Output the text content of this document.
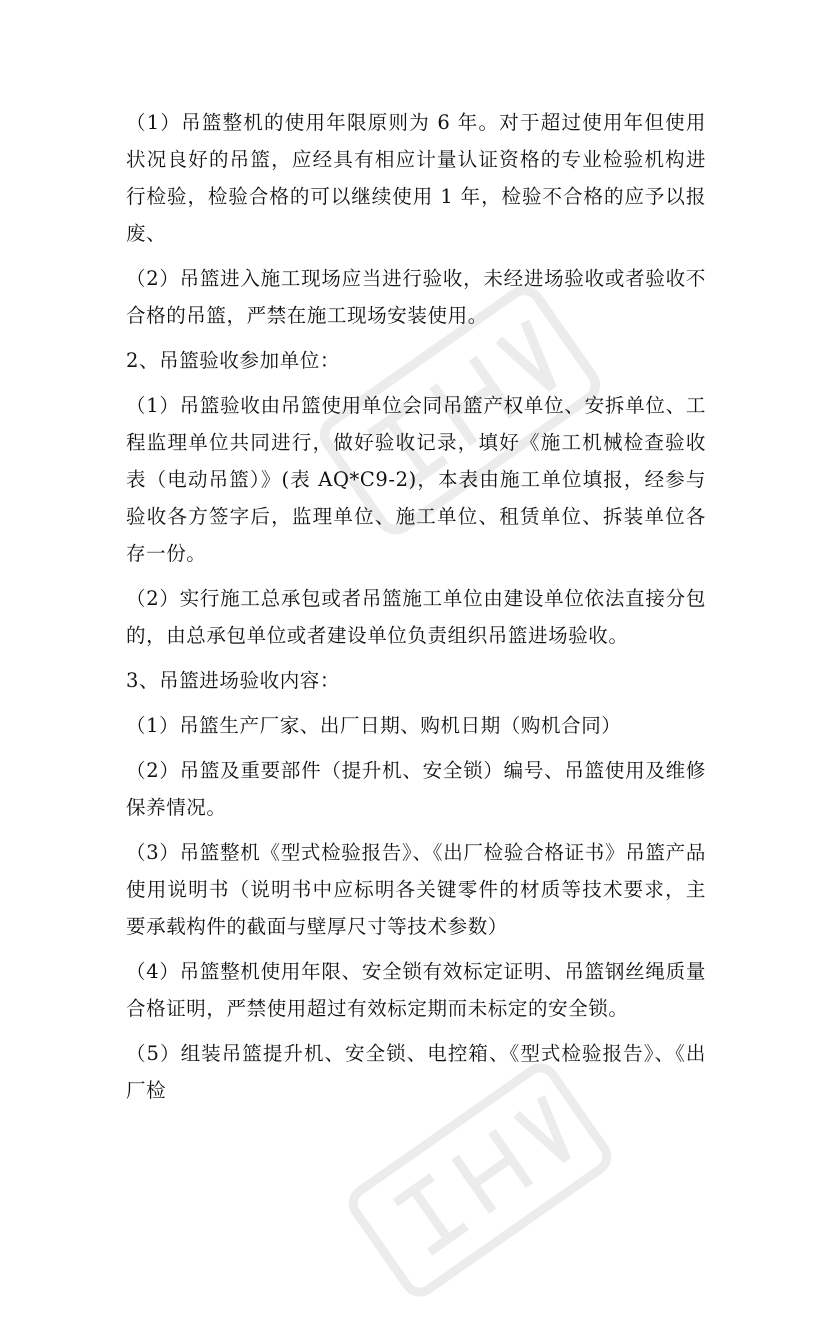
（1）吊篮整机的使用年限原则为 6 年。对于超过使用年但使用状况良好的吊篮，应经具有相应计量认证资格的专业检验机构进行检验，检验合格的可以继续使用 1 年，检验不合格的应予以报废、

（2）吊篮进入施工现场应当进行验收，未经进场验收或者验收不合格的吊篮，严禁在施工现场安装使用。

2、吊篮验收参加单位：

（1）吊篮验收由吊篮使用单位会同吊篮产权单位、安拆单位、工程监理单位共同进行，做好验收记录，填好《施工机械检查验收表（电动吊篮）》(表 AQ*C9-2)，本表由施工单位填报，经参与验收各方签字后，监理单位、施工单位、租赁单位、拆装单位各存一份。

（2）实行施工总承包或者吊篮施工单位由建设单位依法直接分包的，由总承包单位或者建设单位负责组织吊篮进场验收。

3、吊篮进场验收内容：

（1）吊篮生产厂家、出厂日期、购机日期（购机合同）

（2）吊篮及重要部件（提升机、安全锁）编号、吊篮使用及维修保养情况。

（3）吊篮整机《型式检验报告》、《出厂检验合格证书》吊篮产品使用说明书（说明书中应标明各关键零件的材质等技术要求，主要承载构件的截面与壁厚尺寸等技术参数）

（4）吊篮整机使用年限、安全锁有效标定证明、吊篮钢丝绳质量合格证明，严禁使用超过有效标定期而未标定的安全锁。

（5）组装吊篮提升机、安全锁、电控箱、《型式检验报告》、《出厂检
